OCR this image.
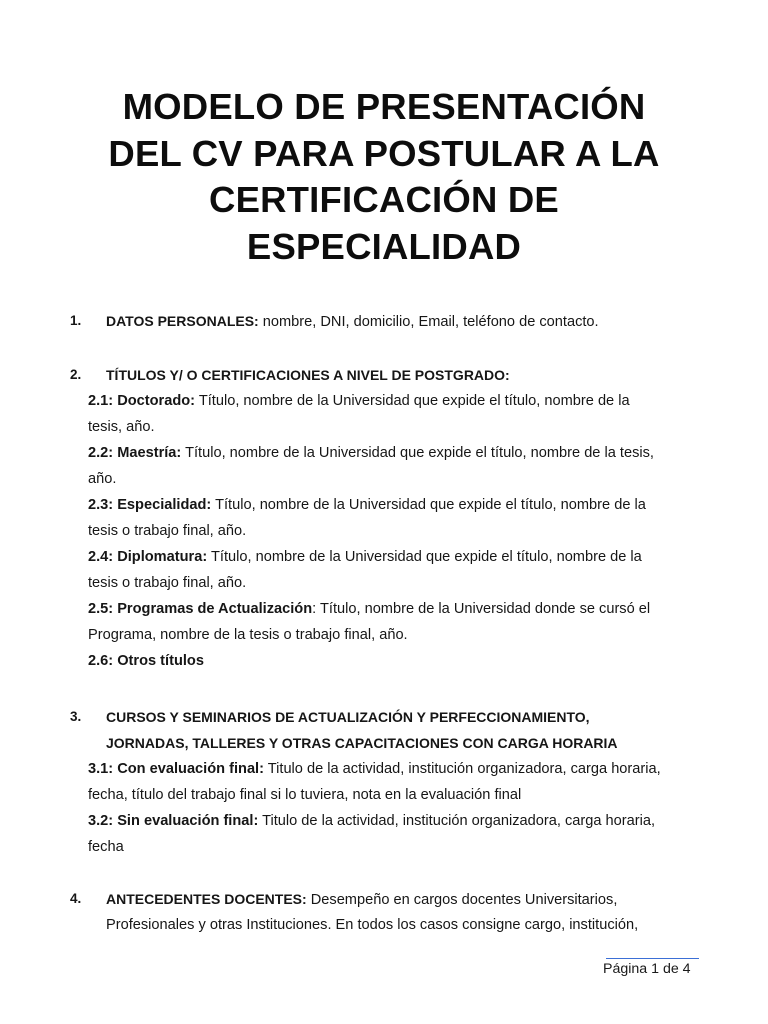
MODELO DE PRESENTACIÓN
DEL CV PARA POSTULAR A LA
CERTIFICACIÓN DE
ESPECIALIDAD
1. DATOS PERSONALES: nombre, DNI, domicilio, Email, teléfono de contacto.
2. TÍTULOS Y/ O CERTIFICACIONES A NIVEL DE POSTGRADO:
2.1: Doctorado: Título, nombre de la Universidad que expide el título, nombre de la
tesis, año.
2.2: Maestría: Título, nombre de la Universidad que expide el título, nombre de la tesis,
año.
2.3: Especialidad: Título, nombre de la Universidad que expide el título, nombre de la
tesis o trabajo final, año.
2.4: Diplomatura: Título, nombre de la Universidad que expide el título, nombre de la
tesis o trabajo final, año.
2.5: Programas de Actualización: Título, nombre de la Universidad donde se cursó el
Programa, nombre de la tesis o trabajo final, año.
2.6: Otros títulos
3. CURSOS Y SEMINARIOS DE ACTUALIZACIÓN Y PERFECCIONAMIENTO,
JORNADAS, TALLERES Y OTRAS CAPACITACIONES CON CARGA HORARIA
3.1: Con evaluación final: Titulo de la actividad, institución organizadora, carga horaria,
fecha, título del trabajo final si lo tuviera, nota en la evaluación final
3.2: Sin evaluación final: Titulo de la actividad, institución organizadora, carga horaria,
fecha
4. ANTECEDENTES DOCENTES: Desempeño en cargos docentes Universitarios,
Profesionales y otras Instituciones. En todos los casos consigne cargo, institución,
Página 1 de 4
